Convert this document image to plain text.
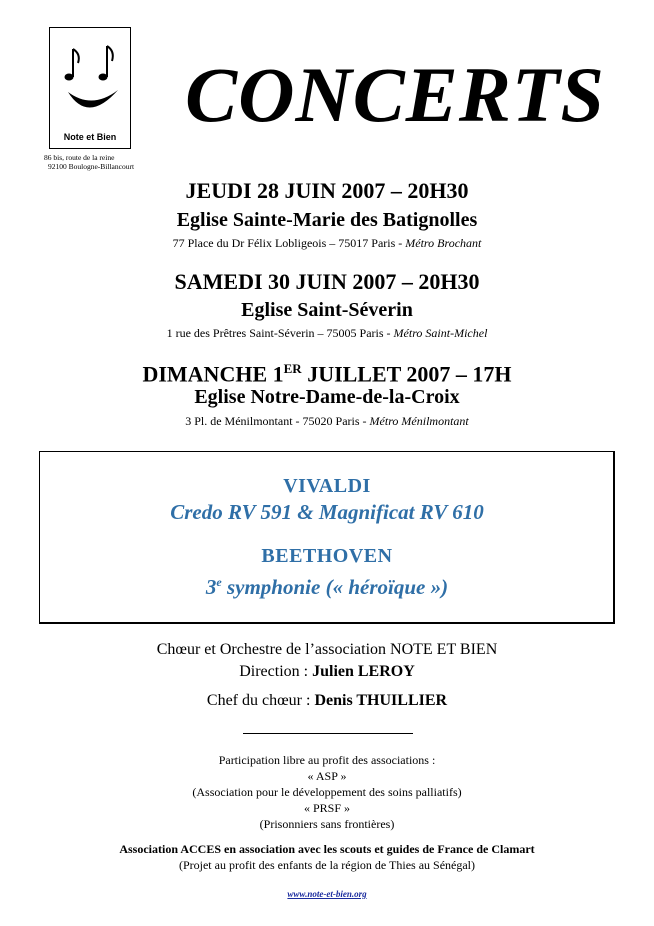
Note et Bien
86 bis, route de la reine
92100 Boulogne-Billancourt
CONCERTS
JEUDI 28 JUIN 2007 – 20H30
Eglise Sainte-Marie des Batignolles
77 Place du Dr Félix Lobligeois – 75017 Paris - Métro Brochant
SAMEDI 30 JUIN 2007 – 20H30
Eglise Saint-Séverin
1 rue des Prêtres Saint-Séverin – 75005 Paris - Métro Saint-Michel
DIMANCHE 1ER JUILLET 2007 – 17H
Eglise Notre-Dame-de-la-Croix
3 Pl. de Ménilmontant - 75020 Paris - Métro Ménilmontant
VIVALDI
Credo RV 591 & Magnificat RV 610
BEETHOVEN
3e symphonie (« héroïque »)
Chœur et Orchestre de l’association NOTE ET BIEN
Direction : Julien LEROY
Chef du chœur : Denis THUILLIER
Participation libre au profit des associations :
« ASP »
(Association pour le développement des soins palliatifs)
« PRSF »
(Prisonniers sans frontières)
Association ACCES en association avec les scouts et guides de France de Clamart
(Projet au profit des enfants de la région de Thies au Sénégal)
www.note-et-bien.org
